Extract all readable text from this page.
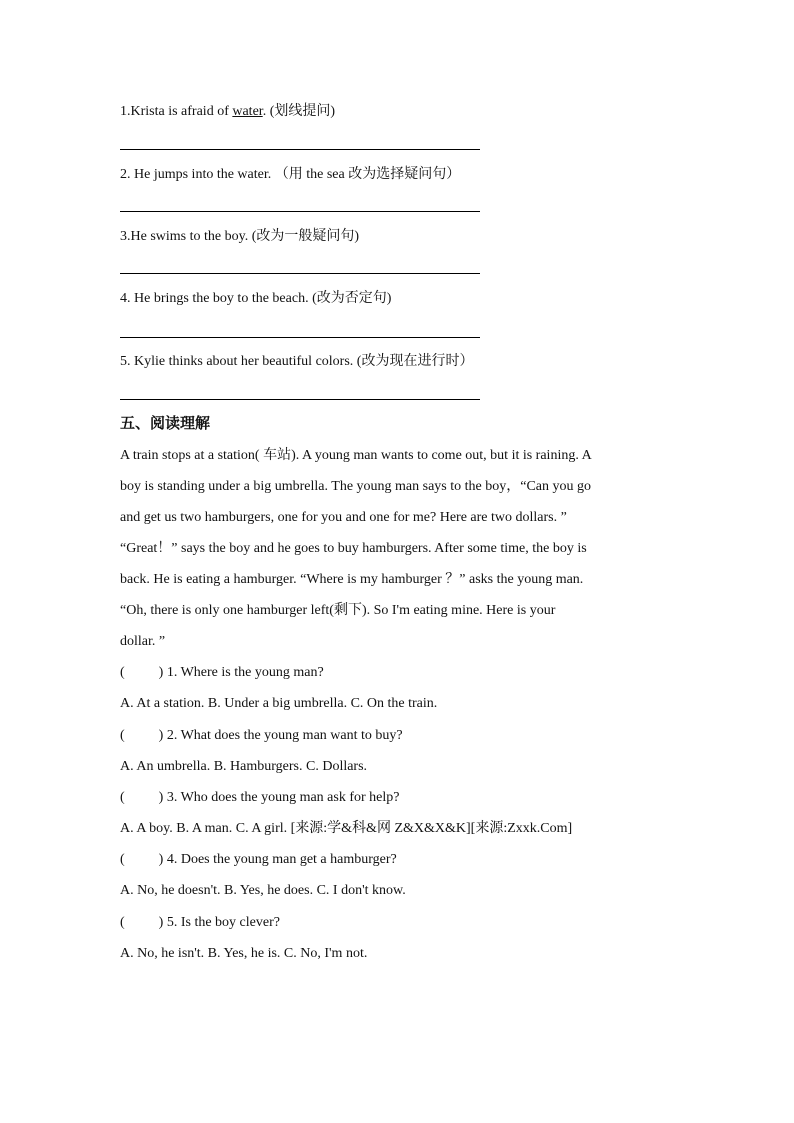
1.Krista is afraid of water. (划线提问)
2. He jumps into the water. （用 the sea 改为选择疑问句）
3.He swims to the boy. (改为一般疑问句)
4. He brings the boy to the beach. (改为否定句)
5. Kylie thinks about her beautiful colors. (改为现在进行时）
五、阅读理解
A train stops at a station( 车站). A young man wants to come out, but it is raining. A
boy is standing under a big umbrella. The young man says to the boy，“Can you go
and get us two hamburgers, one for you and one for me? Here are two dollars. ”
“Great！” says the boy and he goes to buy hamburgers. After some time, the boy is
back. He is eating a hamburger. “Where is my hamburger ？” asks the young man.
“Oh, there is only one hamburger left(剩下). So I'm eating mine. Here is your
dollar. ”
( ) 1. Where is the young man?
A. At a station. B. Under a big umbrella. C. On the train.
( ) 2. What does the young man want to buy?
A. An umbrella. B. Hamburgers. C. Dollars.
( ) 3. Who does the young man ask for help?
A. A boy. B. A man. C. A girl. [来源:学&科&网 Z&X&X&K][来源:Zxxk.Com]
( ) 4. Does the young man get a hamburger?
A. No, he doesn't. B. Yes, he does. C. I don't know.
( ) 5. Is the boy clever?
A. No, he isn't. B. Yes, he is. C. No, I'm not.
